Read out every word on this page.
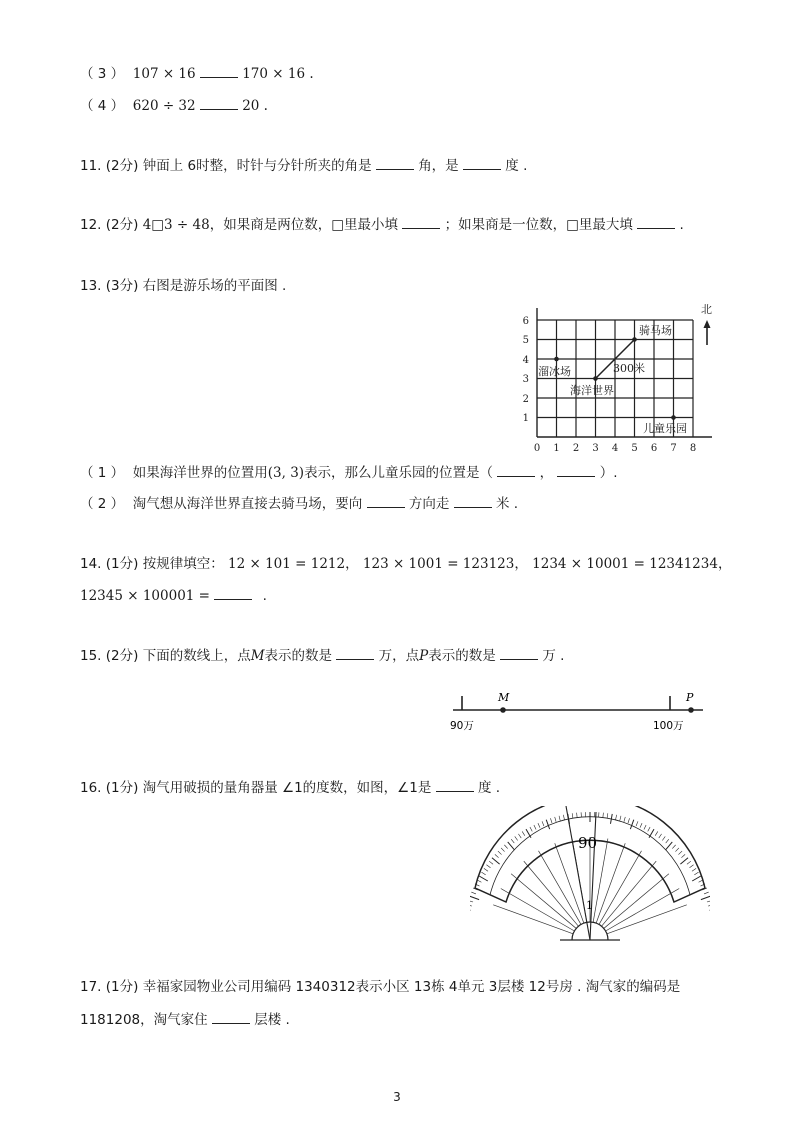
（ 3 ） 107 × 16	170 × 16 .
（ 4 ） 620 ÷ 32	20 .
11. (2分) 钟面上 6时整，时针与分针所夹的角是	角，是	度 .
12. (2分) 4□3 ÷ 48，如果商是两位数，□里最小填	；如果商是一位数，□里最大填	.
13. (3分) 右图是游乐场的平面图 .
1
2
3
4
5
6
0 1 2 3 4 5 6 7 8
骑马场
溜冰场
海洋世界
儿童乐园
300米
北
（ 1 ） 如果海洋世界的位置用(3, 3)表示，那么儿童乐园的位置是（	，	）.
（ 2 ） 淘气想从海洋世界直接去骑马场，要向	方向走	米 .
14. (1分) 按规律填空： 12 × 101 = 1212， 123 × 1001 = 123123， 1234 × 10001 = 12341234，
12345 × 100001 =	.
15. (2分) 下面的数线上，点M表示的数是	万，点P表示的数是	万 .
M	P
90万	100万
16. (1分) 淘气用破损的量角器量 ∠1的度数，如图，∠1是	度 .
90
1
17. (1分) 幸福家园物业公司用编码 1340312表示小区 13栋 4单元 3层楼 12号房 . 淘气家的编码是
1181208，淘气家住	层楼 .
3
